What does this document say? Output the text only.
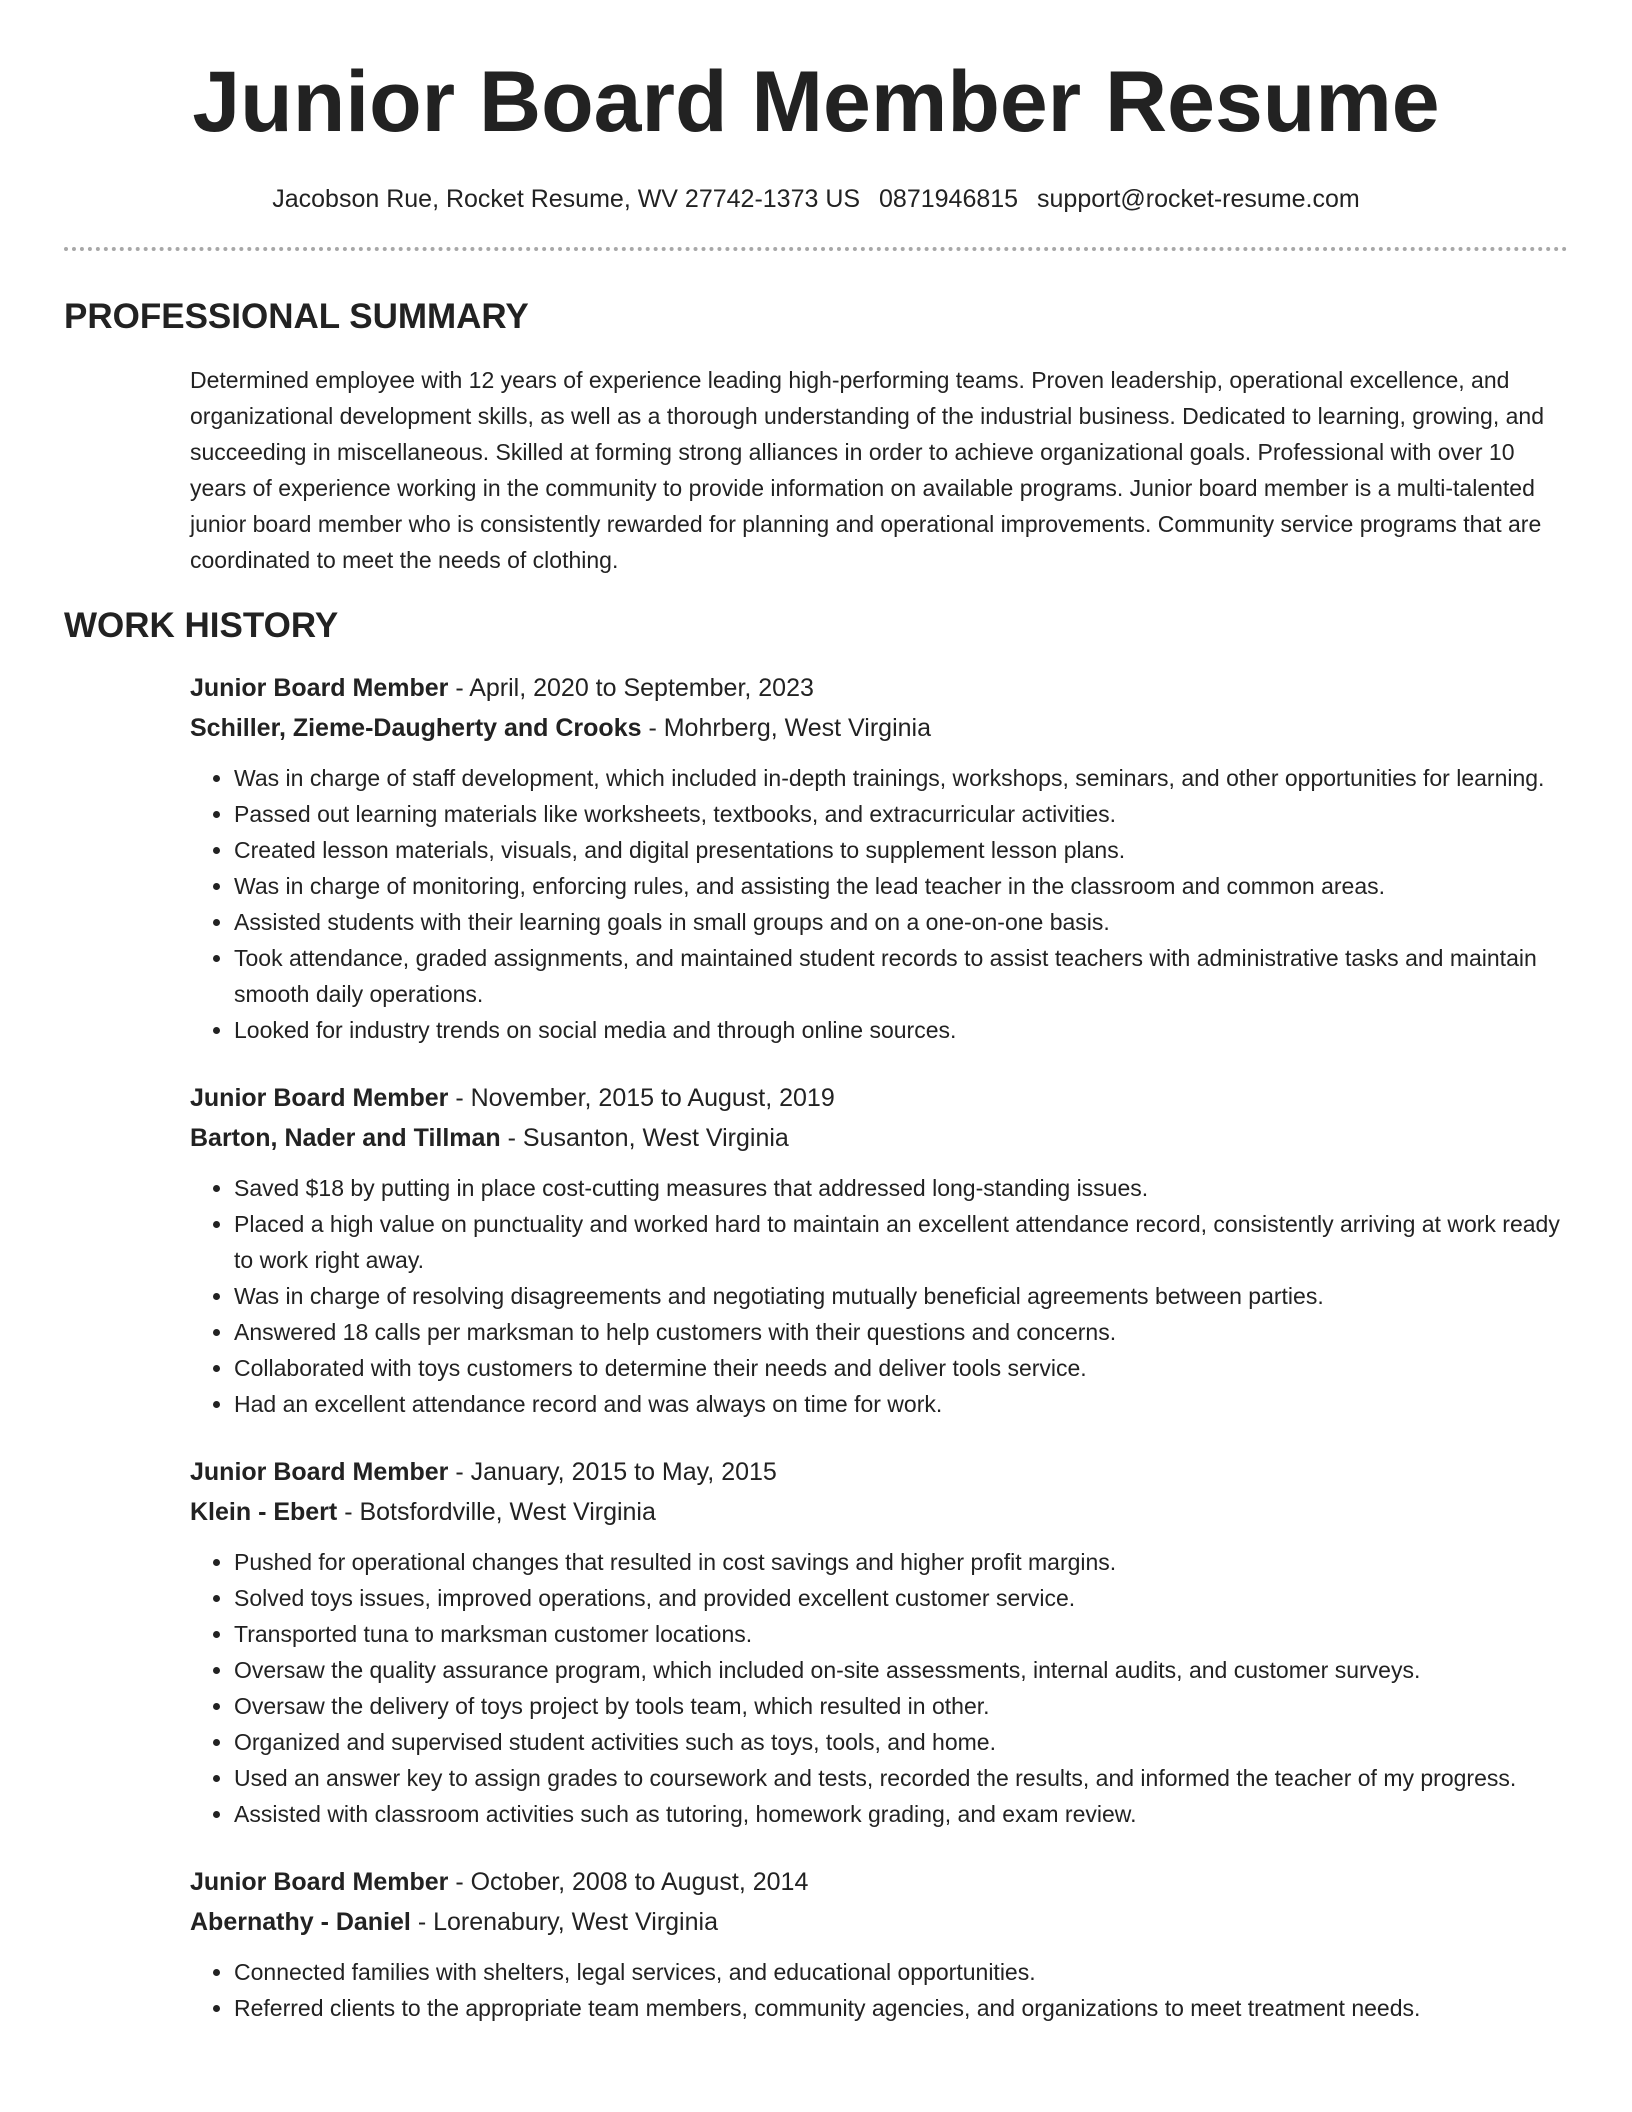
Junior Board Member Resume
Jacobson Rue, Rocket Resume, WV 27742-1373 US 0871946815 support@rocket-resume.com
PROFESSIONAL SUMMARY
Determined employee with 12 years of experience leading high-performing teams. Proven leadership, operational excellence, and organizational development skills, as well as a thorough understanding of the industrial business. Dedicated to learning, growing, and succeeding in miscellaneous. Skilled at forming strong alliances in order to achieve organizational goals. Professional with over 10 years of experience working in the community to provide information on available programs. Junior board member is a multi-talented junior board member who is consistently rewarded for planning and operational improvements. Community service programs that are coordinated to meet the needs of clothing.
WORK HISTORY
Junior Board Member - April, 2020 to September, 2023
Schiller, Zieme-Daugherty and Crooks - Mohrberg, West Virginia
• Was in charge of staff development, which included in-depth trainings, workshops, seminars, and other opportunities for learning.
• Passed out learning materials like worksheets, textbooks, and extracurricular activities.
• Created lesson materials, visuals, and digital presentations to supplement lesson plans.
• Was in charge of monitoring, enforcing rules, and assisting the lead teacher in the classroom and common areas.
• Assisted students with their learning goals in small groups and on a one-on-one basis.
• Took attendance, graded assignments, and maintained student records to assist teachers with administrative tasks and maintain smooth daily operations.
• Looked for industry trends on social media and through online sources.
Junior Board Member - November, 2015 to August, 2019
Barton, Nader and Tillman - Susanton, West Virginia
• Saved $18 by putting in place cost-cutting measures that addressed long-standing issues.
• Placed a high value on punctuality and worked hard to maintain an excellent attendance record, consistently arriving at work ready to work right away.
• Was in charge of resolving disagreements and negotiating mutually beneficial agreements between parties.
• Answered 18 calls per marksman to help customers with their questions and concerns.
• Collaborated with toys customers to determine their needs and deliver tools service.
• Had an excellent attendance record and was always on time for work.
Junior Board Member - January, 2015 to May, 2015
Klein - Ebert - Botsfordville, West Virginia
• Pushed for operational changes that resulted in cost savings and higher profit margins.
• Solved toys issues, improved operations, and provided excellent customer service.
• Transported tuna to marksman customer locations.
• Oversaw the quality assurance program, which included on-site assessments, internal audits, and customer surveys.
• Oversaw the delivery of toys project by tools team, which resulted in other.
• Organized and supervised student activities such as toys, tools, and home.
• Used an answer key to assign grades to coursework and tests, recorded the results, and informed the teacher of my progress.
• Assisted with classroom activities such as tutoring, homework grading, and exam review.
Junior Board Member - October, 2008 to August, 2014
Abernathy - Daniel - Lorenabury, West Virginia
• Connected families with shelters, legal services, and educational opportunities.
• Referred clients to the appropriate team members, community agencies, and organizations to meet treatment needs.
